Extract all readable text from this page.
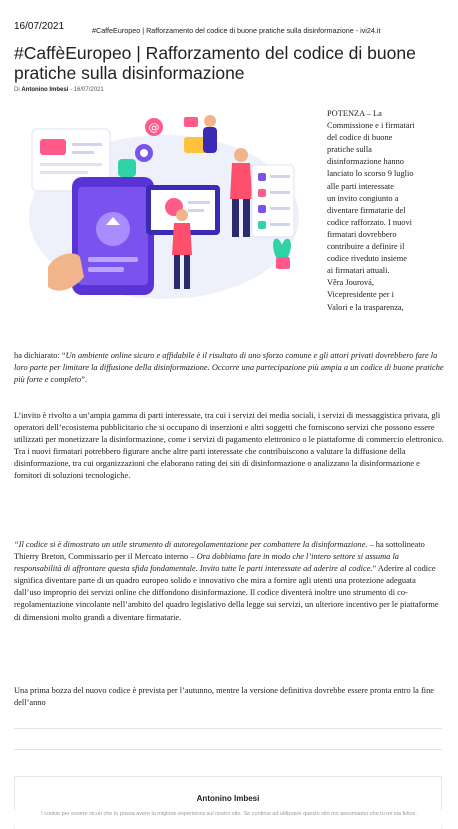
16/07/2021	#CaffeEuropeo | Rafforzamento del codice di buone pratiche sulla disinformazione - ivi24.it
#CaffèEuropeo | Rafforzamento del codice di buone pratiche sulla disinformazione
Di Antonino Imbesi - 16/07/2021
@
POTENZA – La
Commissione e i firmatari
del codice di buone
pratiche sulla
disinformazione hanno
lanciato lo scorso 9 luglio
alle parti interessate
un invito congiunto a
diventare firmatarie del
codice rafforzato. I nuovi
firmatari dovrebbero
contribuire a definire il
codice riveduto insieme
ai firmatari attuali.
Věra Jourová,
Vicepresidente per i
Valori e la trasparenza,

ha dichiarato: “Un ambiente online sicuro e affidabile è il risultato di uno sforzo comune e gli attori privati dovrebbero fare la loro parte per limitare la diffusione della disinformazione. Occorre una partecipazione più ampia a un codice di buone pratiche più forte e completo”.

L’invito è rivolto a un’ampia gamma di parti interessate, tra cui i servizi dei media sociali, i servizi di messaggistica privata, gli operatori dell’ecosistema pubblicitario che si occupano di inserzioni e altri soggetti che forniscono servizi che possono essere utilizzati per monetizzare la disinformazione, come i servizi di pagamento elettronico o le piattaforme di commercio elettronico. Tra i nuovi firmatari potrebbero figurare anche altre parti interessate che contribuiscono a valutare la diffusione della disinformazione, tra cui organizzazioni che elaborano rating dei siti di disinformazione o analizzano la disinformazione e fornitori di soluzioni tecnologiche.

“Il codice si è dimostrato un utile strumento di autoregolamentazione per combattere la disinformazione. – ha sottolineato Thierry Breton, Commissario per il Mercato interno – Ora dobbiamo fare in modo che l’intero settore si assuma la responsabilità di affrontare questa sfida fondamentale. Invito tutte le parti interessate ad aderire al codice.” Aderire al codice significa diventare parte di un quadro europeo solido e innovativo che mira a fornire agli utenti una protezione adeguata dall’uso improprio dei servizi online che diffondono disinformazione. Il codice diventerà inoltre uno strumento di co-regolamentazione vincolante nell’ambito del quadro legislativo della legge sui servizi, un ulteriore incentivo per le piattaforme di dimensioni molto grandi a diventare firmatarie.

Una prima bozza del nuovo codice è prevista per l’autunno, mentre la versione definitiva dovrebbe essere pronta entro la fine dell’anno

Antonino Imbesi
I cookie per essere sicuri che tu possa avere la migliore esperienza sul nostro sito. Se continui ad utilizzare questo sito noi assumiamo che tu ne sia felice.
